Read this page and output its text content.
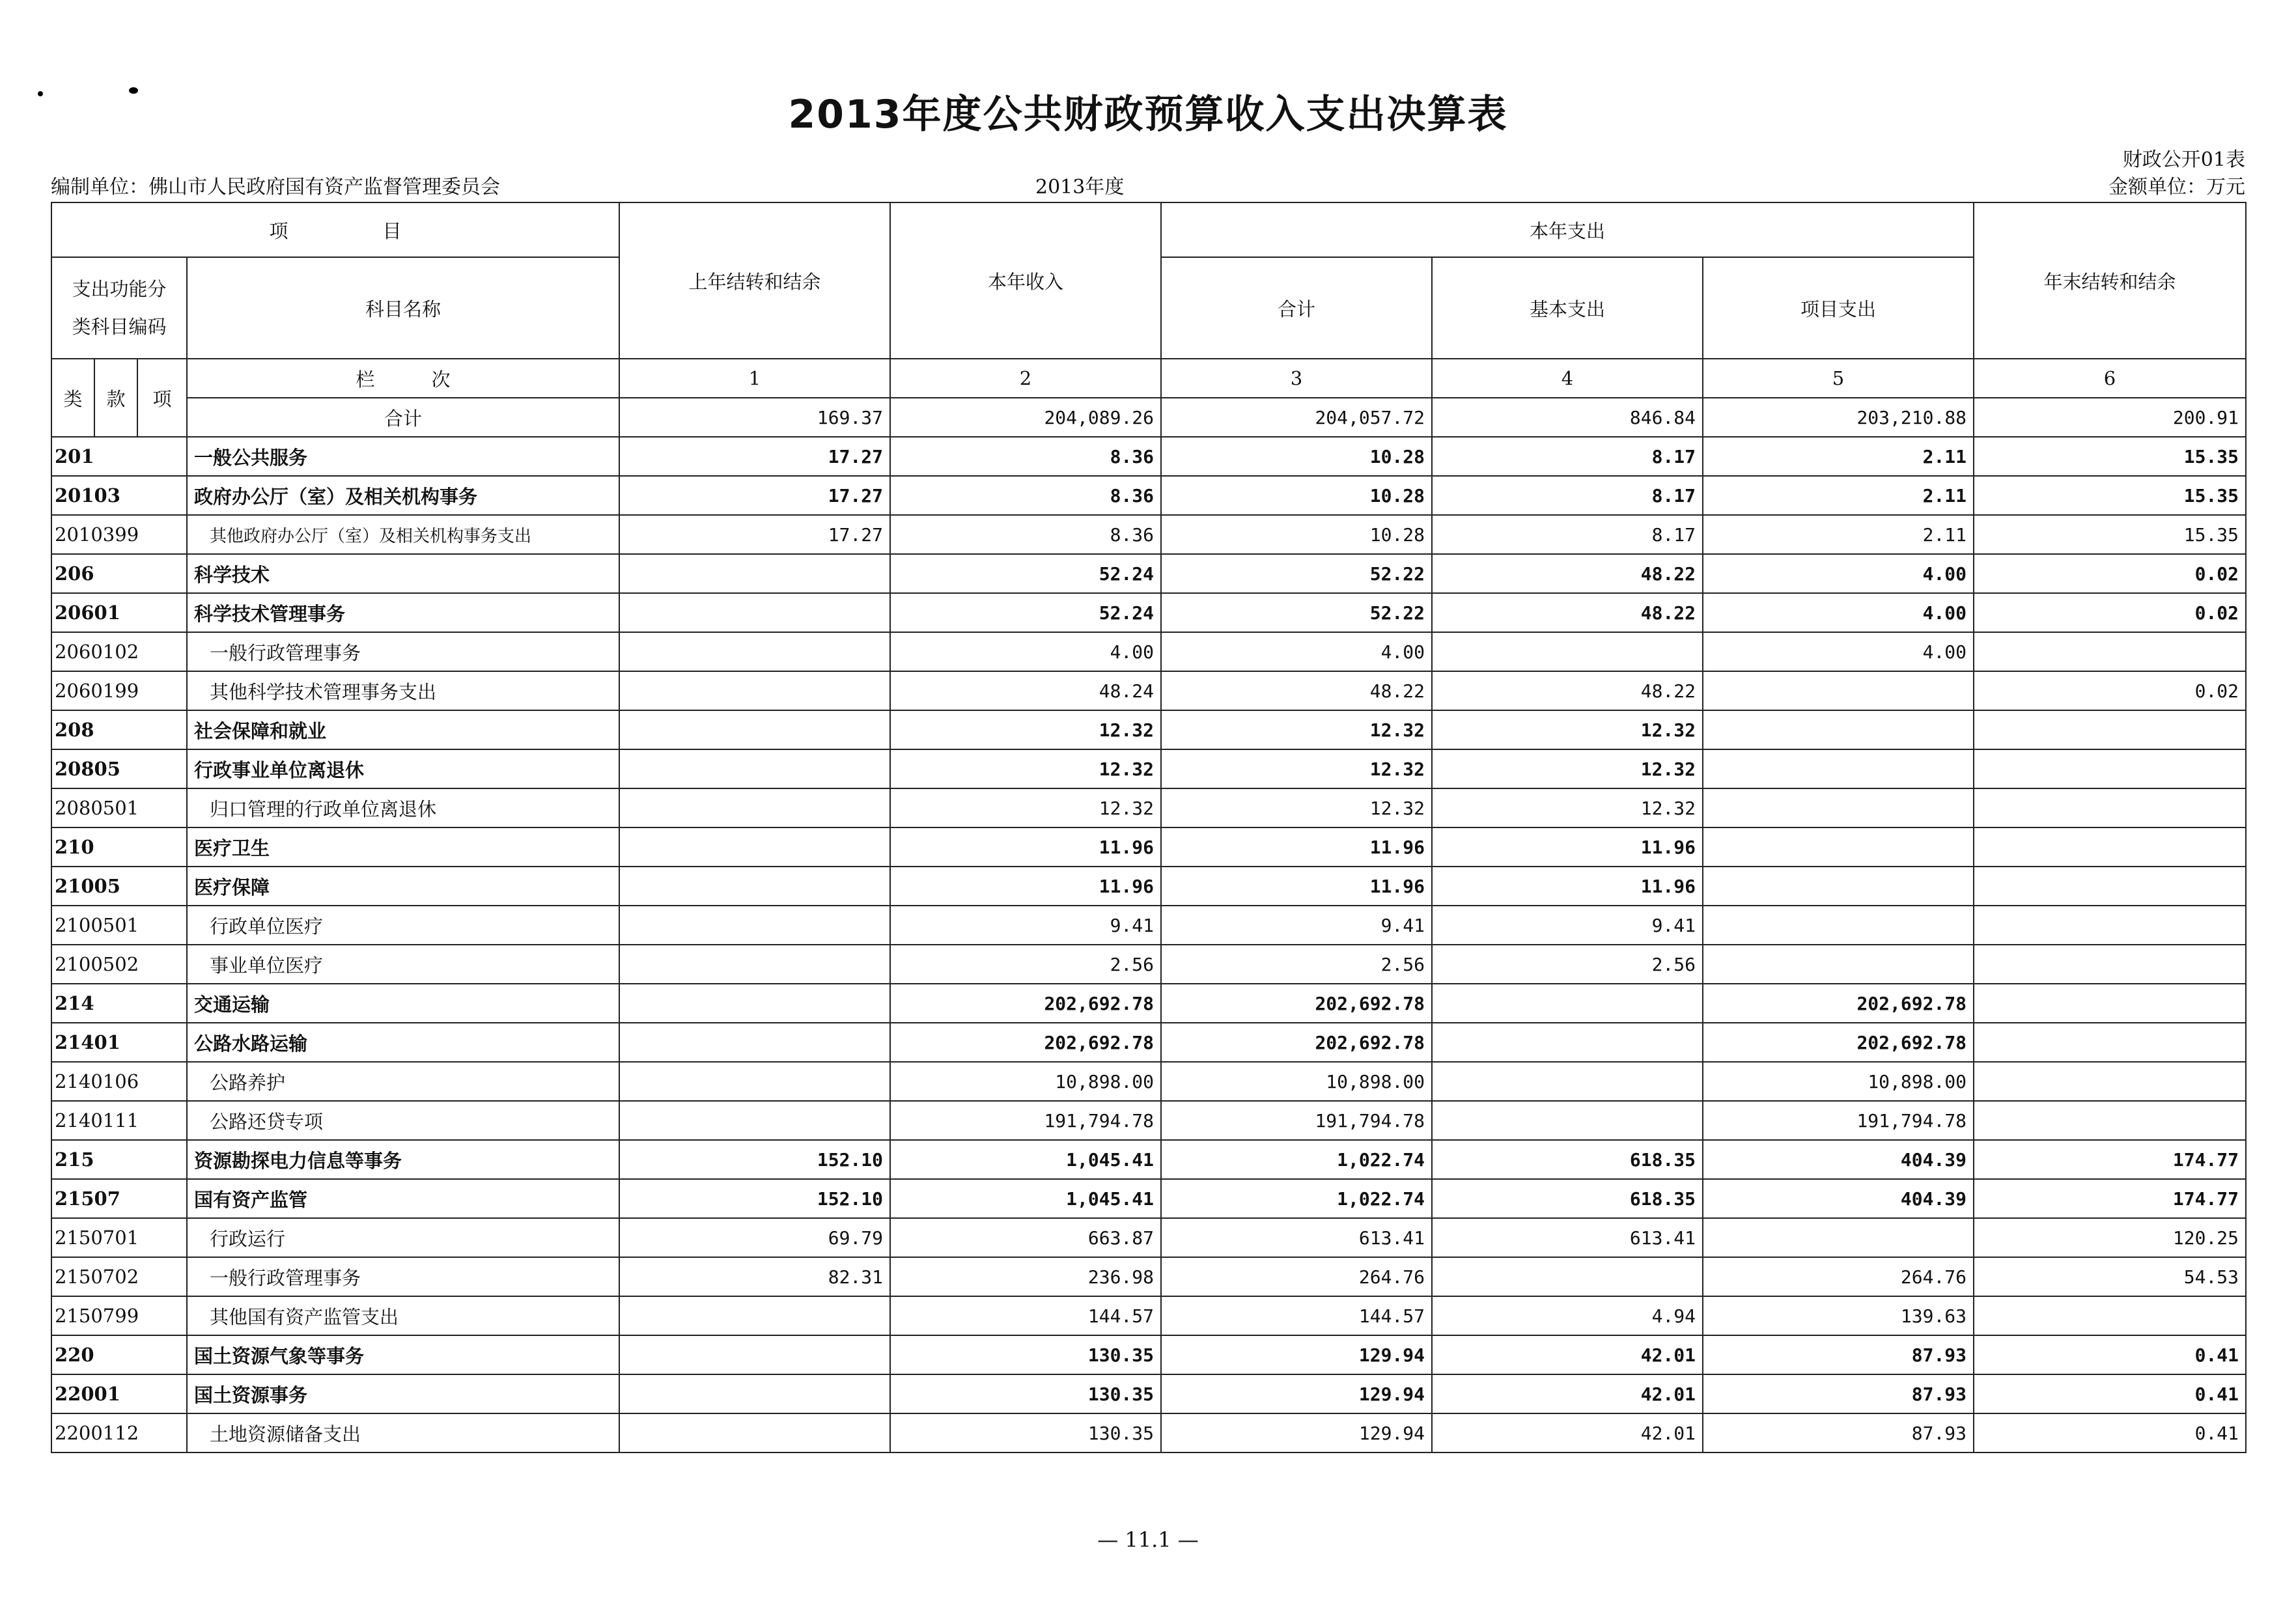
2013年度公共财政预算收入支出决算表
财政公开01表
编制单位：佛山市人民政府国有资产监督管理委员会	2013年度	金额单位：万元
项　　　　　目				上年结转和结余	本年收入	本年支出			年末结转和结余
支出功能分类科目编码			科目名称			合计	基本支出	项目支出	
类	款	项	栏　　　次	1	2	3	4	5	6
			合计	169.37	204,089.26	204,057.72	846.84	203,210.88	200.91
201			一般公共服务	17.27	8.36	10.28	8.17	2.11	15.35
20103			政府办公厅（室）及相关机构事务	17.27	8.36	10.28	8.17	2.11	15.35
2010399			其他政府办公厅（室）及相关机构事务支出	17.27	8.36	10.28	8.17	2.11	15.35
206			科学技术		52.24	52.22	48.22	4.00	0.02
20601			科学技术管理事务		52.24	52.22	48.22	4.00	0.02
2060102			一般行政管理事务		4.00	4.00		4.00	
2060199			其他科学技术管理事务支出		48.24	48.22	48.22		0.02
208			社会保障和就业		12.32	12.32	12.32		
20805			行政事业单位离退休		12.32	12.32	12.32		
2080501			归口管理的行政单位离退休		12.32	12.32	12.32		
210			医疗卫生		11.96	11.96	11.96		
21005			医疗保障		11.96	11.96	11.96		
2100501			行政单位医疗		9.41	9.41	9.41		
2100502			事业单位医疗		2.56	2.56	2.56		
214			交通运输		202,692.78	202,692.78		202,692.78	
21401			公路水路运输		202,692.78	202,692.78		202,692.78	
2140106			公路养护		10,898.00	10,898.00		10,898.00	
2140111			公路还贷专项		191,794.78	191,794.78		191,794.78	
215			资源勘探电力信息等事务	152.10	1,045.41	1,022.74	618.35	404.39	174.77
21507			国有资产监管	152.10	1,045.41	1,022.74	618.35	404.39	174.77
2150701			行政运行	69.79	663.87	613.41	613.41		120.25
2150702			一般行政管理事务	82.31	236.98	264.76		264.76	54.53
2150799			其他国有资产监管支出		144.57	144.57	4.94	139.63	
220			国土资源气象等事务		130.35	129.94	42.01	87.93	0.41
22001			国土资源事务		130.35	129.94	42.01	87.93	0.41
2200112			土地资源储备支出		130.35	129.94	42.01	87.93	0.41
— 11.1 —
